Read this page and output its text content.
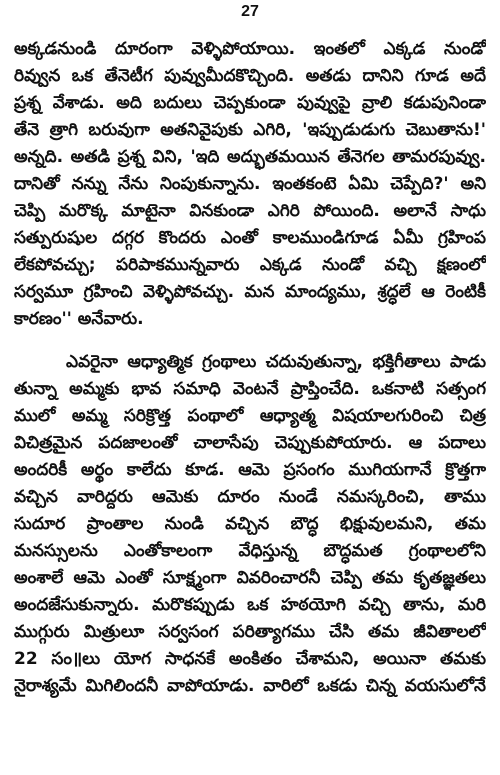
27
అక్కడనుండి దూరంగా వెళ్ళిపోయాయి. ఇంతలో ఎక్కడ నుండో
రివ్వున ఒక తేనెటీగ పువ్వుమీదకొచ్చింది. అతడు దానిని గూడ అదే
ప్రశ్న వేశాడు. అది బదులు చెప్పకుండా పువ్వుపై వ్రాలి కడుపునిండా
తేనె త్రాగి బరువుగా అతనివైపుకు ఎగిరి, 'ఇప్పుడుడుగు చెబుతాను!'
అన్నది. అతడి ప్రశ్న విని, 'ఇది అద్భుతమయిన తేనెగల తామరపువ్వు.
దానితో నన్ను నేను నింపుకున్నాను. ఇంతకంటె ఏమి చెప్పేది?' అని
చెప్పి మరొక్క మాటైనా వినకుండా ఎగిరి పోయింది. అలానే సాధు
సత్పురుషుల దగ్గర కొందరు ఎంతో కాలముండిగూడ ఏమీ గ్రహింప
లేకపోవచ్చు; పరిపాకమున్నవారు ఎక్కడ నుండో వచ్చి క్షణంలో
సర్వమూ గ్రహించి వెళ్ళిపోవచ్చు. మన మాంద్యము, శ్రద్ధలే ఆ రెంటికీ
కారణం'' అనేవారు.
ఎవరైనా ఆధ్యాత్మిక గ్రంథాలు చదువుతున్నా, భక్తిగీతాలు పాడు
తున్నా అమ్మకు భావ సమాధి వెంటనే ప్రాప్తించేది. ఒకనాటి సత్సంగ
ములో అమ్మ సరిక్రొత్త పంథాలో ఆధ్యాత్మ విషయాలగురించి చిత్ర
విచిత్రమైన పదజాలంతో చాలాసేపు చెప్పుకుపోయారు. ఆ పదాలు
అందరికీ అర్థం కాలేదు కూడ. ఆమె ప్రసంగం ముగియగానే క్రొత్తగా
వచ్చిన వారిద్దరు ఆమెకు దూరం నుండే నమస్కరించి, తాము
సుదూర ప్రాంతాల నుండి వచ్చిన బౌద్ధ భిక్షువులమని, తమ
మనస్సులను ఎంతోకాలంగా వేధిస్తున్న బౌద్ధమత గ్రంథాలలోని
అంశాలే ఆమె ఎంతో సూక్ష్మంగా వివరించారనీ చెప్పి తమ కృతజ్ఞతలు
అందజేసుకున్నారు. మరొకప్పుడు ఒక హఠయోగి వచ్చి తాను, మరి
ముగ్గురు మిత్రులూ సర్వసంగ పరిత్యాగము చేసి తమ జీవితాలలో
22 సం॥లు యోగ సాధనకే అంకితం చేశామని, అయినా తమకు
నైరాశ్యమే మిగిలిందనీ వాపోయాడు. వారిలో ఒకడు చిన్న వయసులోనే
